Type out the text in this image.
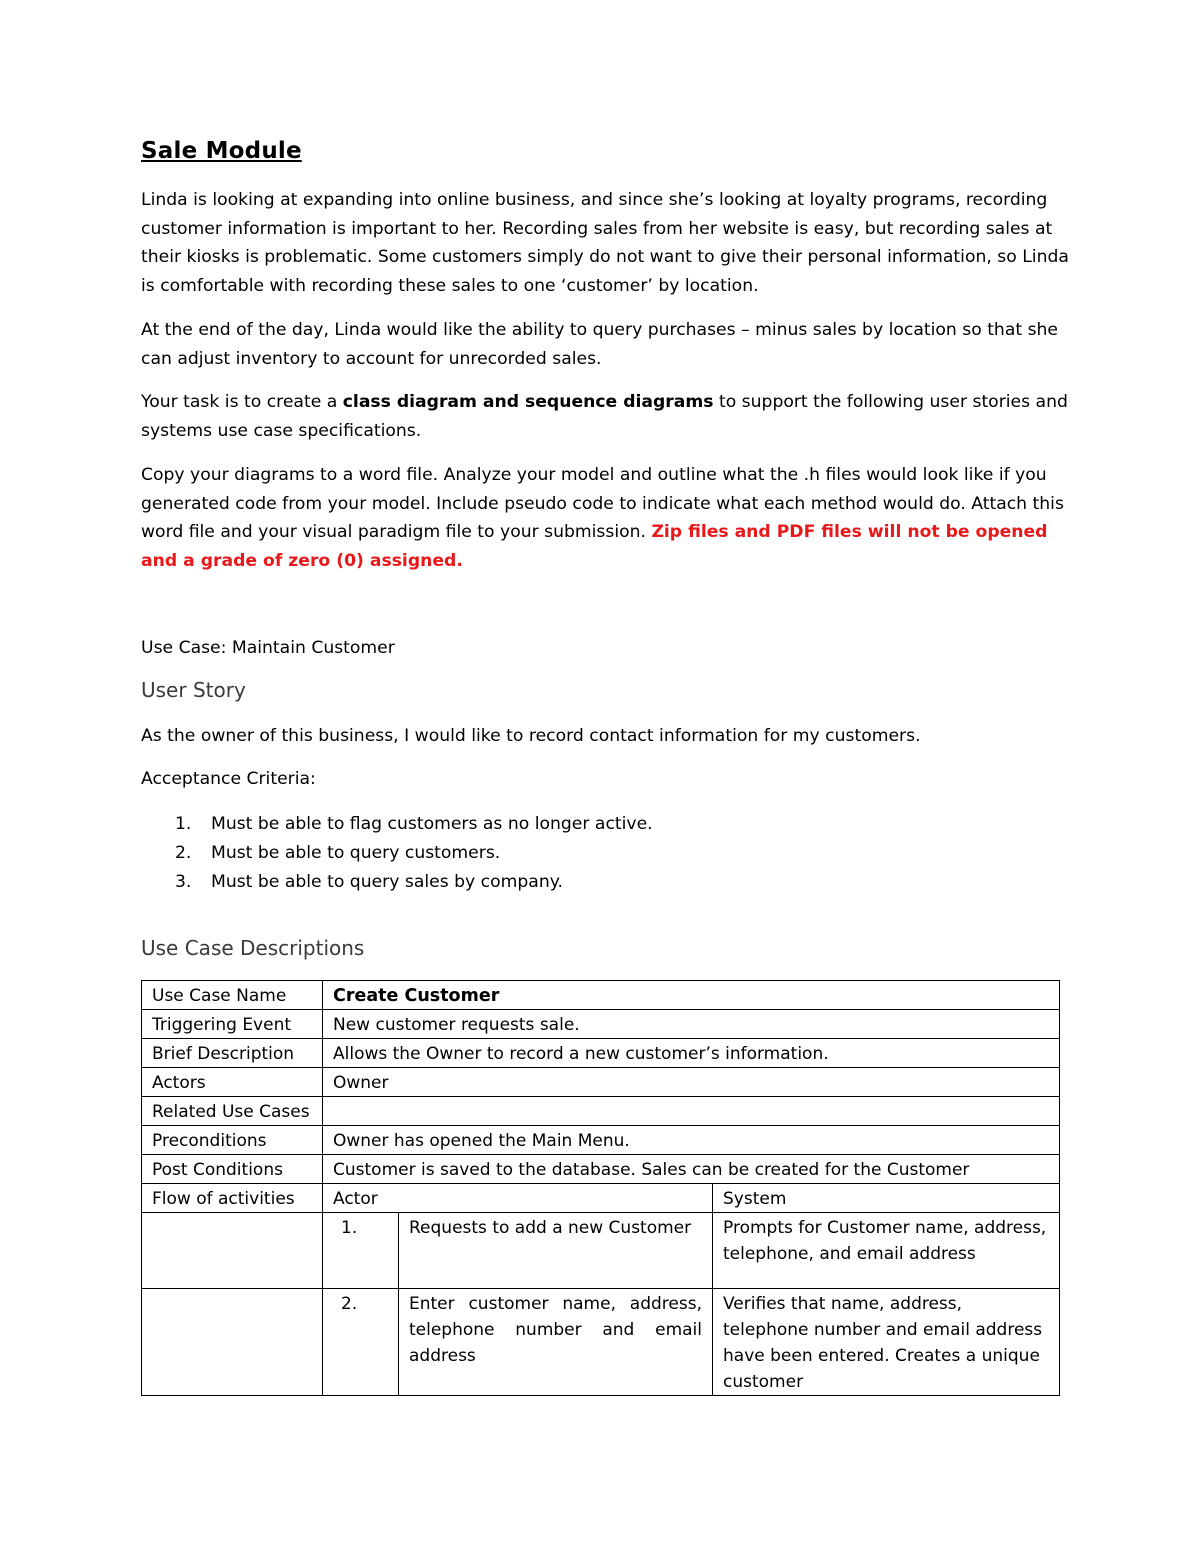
Sale Module
Linda is looking at expanding into online business, and since she’s looking at loyalty programs, recording customer information is important to her. Recording sales from her website is easy, but recording sales at their kiosks is problematic. Some customers simply do not want to give their personal information, so Linda is comfortable with recording these sales to one ‘customer’ by location.
At the end of the day, Linda would like the ability to query purchases – minus sales by location so that she can adjust inventory to account for unrecorded sales.
Your task is to create a class diagram and sequence diagrams to support the following user stories and systems use case specifications.
Copy your diagrams to a word file. Analyze your model and outline what the .h files would look like if you generated code from your model. Include pseudo code to indicate what each method would do. Attach this word file and your visual paradigm file to your submission. Zip files and PDF files will not be opened and a grade of zero (0) assigned.
Use Case: Maintain Customer
User Story
As the owner of this business, I would like to record contact information for my customers.
Acceptance Criteria:
1. Must be able to flag customers as no longer active.
2. Must be able to query customers.
3. Must be able to query sales by company.
Use Case Descriptions
Use Case Name	Create Customer		
Triggering Event	New customer requests sale.		
Brief Description	Allows the Owner to record a new customer’s information.		
Actors	Owner		
Related Use Cases			
Preconditions	Owner has opened the Main Menu.		
Post Conditions	Customer is saved to the database. Sales can be created for the Customer		
Flow of activities	Actor		System
	1.	Requests to add a new Customer	Prompts for Customer name, address, telephone, and email address
	2.	Enter customer name, address, telephone number and email address	Verifies that name, address, telephone number and email address have been entered. Creates a unique customer
